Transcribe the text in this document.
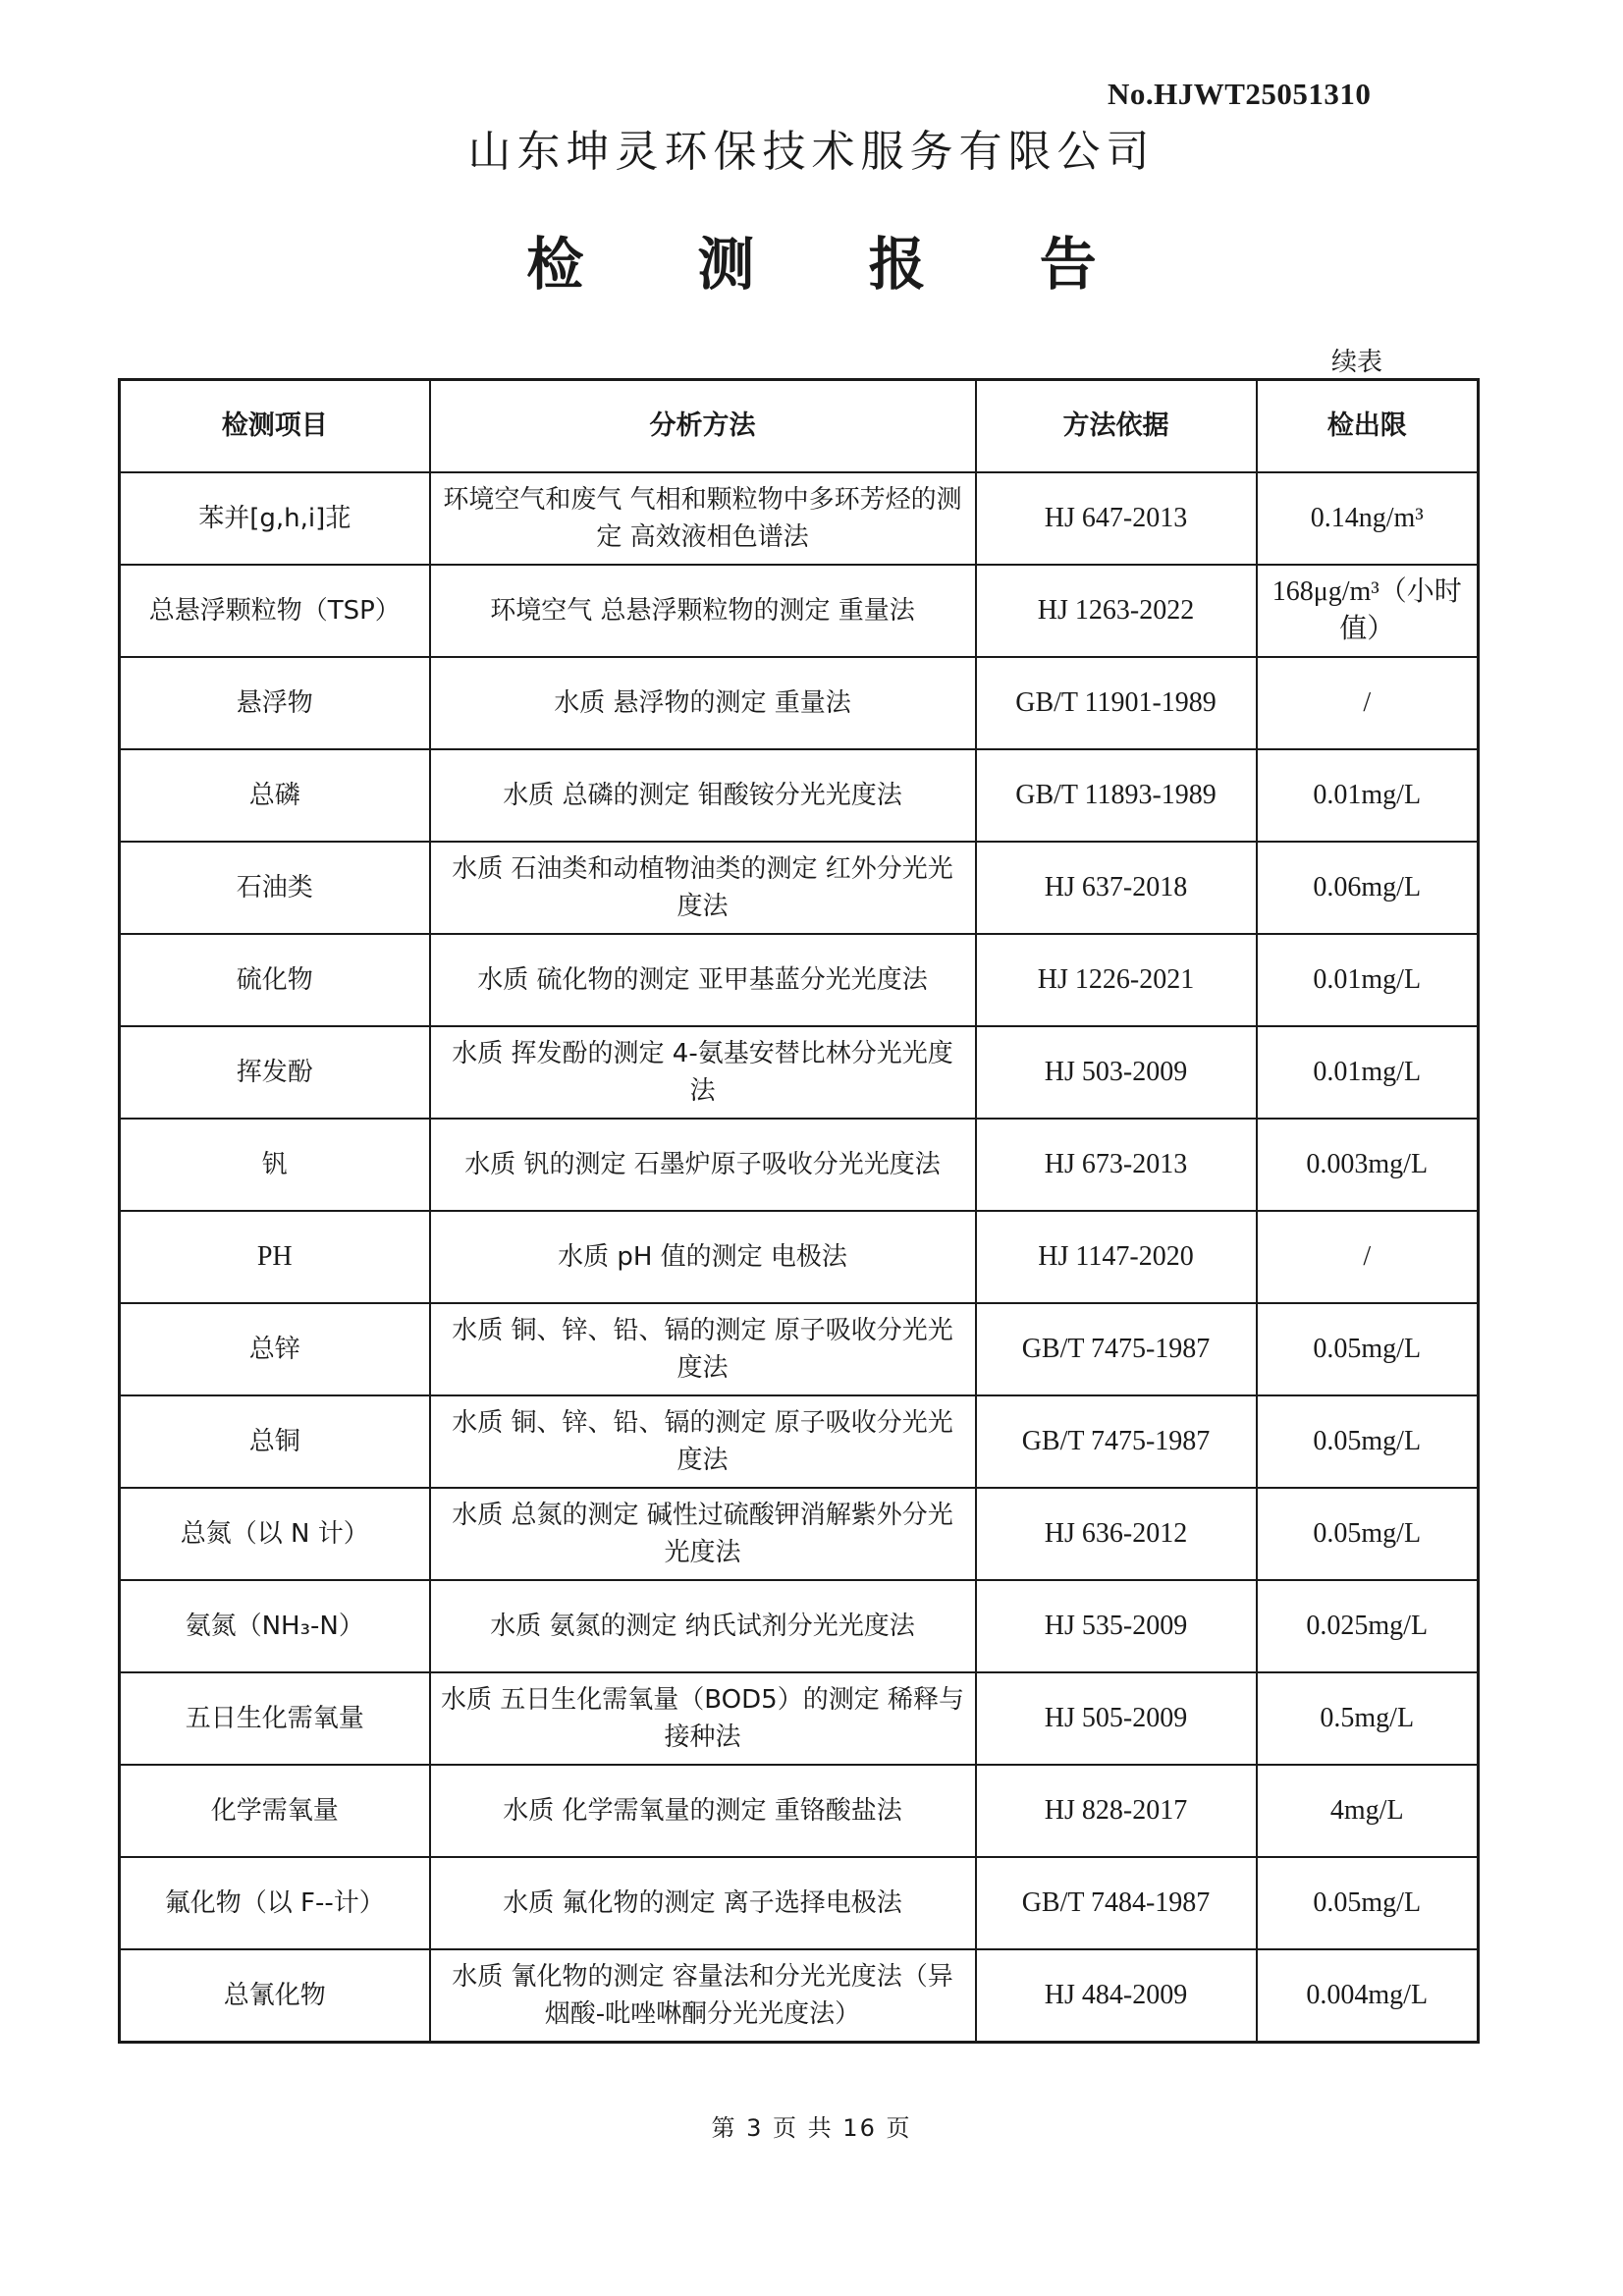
No.HJWT25051310
山东坤灵环保技术服务有限公司
检 测 报 告
续表
检测项目	分析方法	方法依据	检出限
苯并[g,h,i]苝	环境空气和废气 气相和颗粒物中多环芳烃的测定 高效液相色谱法	HJ 647-2013	0.14ng/m³
总悬浮颗粒物（TSP）	环境空气 总悬浮颗粒物的测定 重量法	HJ 1263-2022	168μg/m³（小时值）
悬浮物	水质 悬浮物的测定 重量法	GB/T 11901-1989	/
总磷	水质 总磷的测定 钼酸铵分光光度法	GB/T 11893-1989	0.01mg/L
石油类	水质 石油类和动植物油类的测定 红外分光光度法	HJ 637-2018	0.06mg/L
硫化物	水质 硫化物的测定 亚甲基蓝分光光度法	HJ 1226-2021	0.01mg/L
挥发酚	水质 挥发酚的测定 4-氨基安替比林分光光度法	HJ 503-2009	0.01mg/L
钒	水质 钒的测定 石墨炉原子吸收分光光度法	HJ 673-2013	0.003mg/L
PH	水质 pH 值的测定 电极法	HJ 1147-2020	/
总锌	水质 铜、锌、铅、镉的测定 原子吸收分光光度法	GB/T 7475-1987	0.05mg/L
总铜	水质 铜、锌、铅、镉的测定 原子吸收分光光度法	GB/T 7475-1987	0.05mg/L
总氮（以 N 计）	水质 总氮的测定 碱性过硫酸钾消解紫外分光光度法	HJ 636-2012	0.05mg/L
氨氮（NH₃-N）	水质 氨氮的测定 纳氏试剂分光光度法	HJ 535-2009	0.025mg/L
五日生化需氧量	水质 五日生化需氧量（BOD5）的测定 稀释与接种法	HJ 505-2009	0.5mg/L
化学需氧量	水质 化学需氧量的测定 重铬酸盐法	HJ 828-2017	4mg/L
氟化物（以 F--计）	水质 氟化物的测定 离子选择电极法	GB/T 7484-1987	0.05mg/L
总氰化物	水质 氰化物的测定 容量法和分光光度法（异烟酸-吡唑啉酮分光光度法）	HJ 484-2009	0.004mg/L
第 3 页 共 16 页
